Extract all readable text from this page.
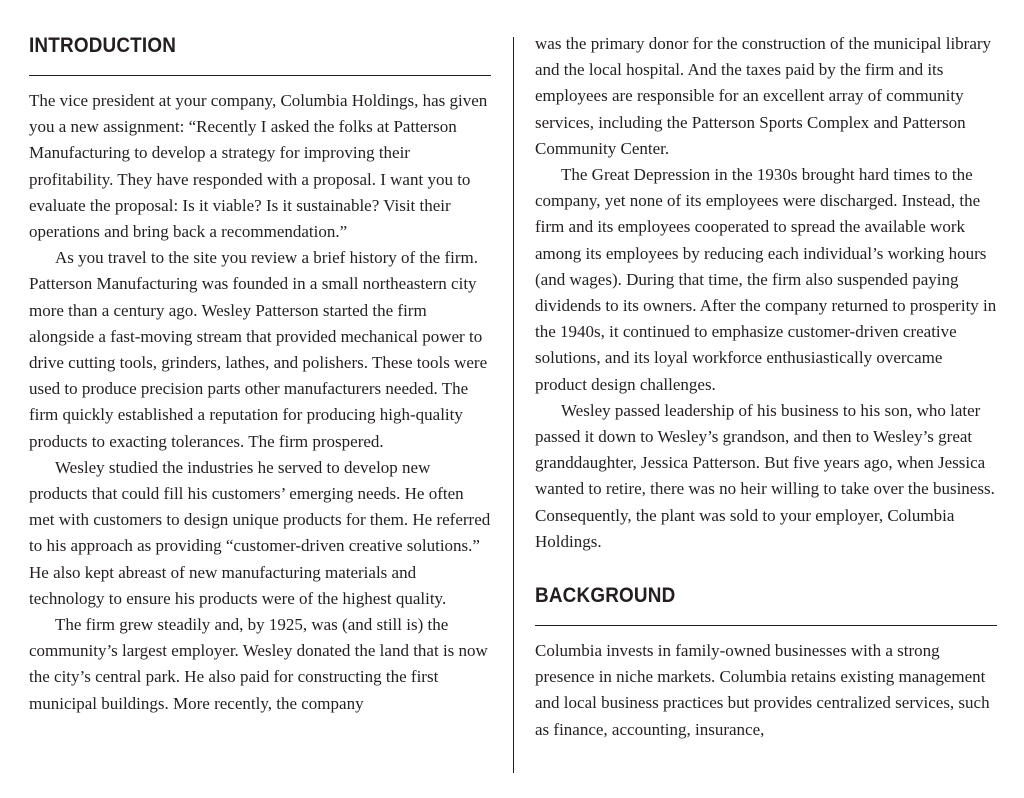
INTRODUCTION

The vice president at your company, Columbia Holdings, has given you a new assignment: “Recently I asked the folks at Patterson Manufacturing to develop a strategy for improving their profitability. They have responded with a proposal. I want you to evaluate the proposal: Is it viable? Is it sustainable? Visit their operations and bring back a recommendation.”

As you travel to the site you review a brief history of the firm. Patterson Manufacturing was founded in a small northeastern city more than a century ago. Wesley Patterson started the firm alongside a fast-moving stream that provided mechanical power to drive cutting tools, grinders, lathes, and polishers. These tools were used to produce precision parts other manufacturers needed. The firm quickly established a reputation for producing high-quality products to exacting tolerances. The firm prospered.

Wesley studied the industries he served to develop new products that could fill his customers’ emerging needs. He often met with customers to design unique products for them. He referred to his approach as providing “customer-driven creative solutions.” He also kept abreast of new manufacturing materials and technology to ensure his products were of the highest quality.

The firm grew steadily and, by 1925, was (and still is) the community’s largest employer. Wesley donated the land that is now the city’s central park. He also paid for constructing the first municipal buildings. More recently, the company

was the primary donor for the construction of the municipal library and the local hospital. And the taxes paid by the firm and its employees are responsible for an excellent array of community services, including the Patterson Sports Complex and Patterson Community Center.

The Great Depression in the 1930s brought hard times to the company, yet none of its employees were discharged. Instead, the firm and its employees cooperated to spread the available work among its employees by reducing each individual’s working hours (and wages). During that time, the firm also suspended paying dividends to its owners. After the company returned to prosperity in the 1940s, it continued to emphasize customer-driven creative solutions, and its loyal workforce enthusiastically overcame product design challenges.

Wesley passed leadership of his business to his son, who later passed it down to Wesley’s grandson, and then to Wesley’s great granddaughter, Jessica Patterson. But five years ago, when Jessica wanted to retire, there was no heir willing to take over the business. Consequently, the plant was sold to your employer, Columbia Holdings.

BACKGROUND

Columbia invests in family-owned businesses with a strong presence in niche markets. Columbia retains existing management and local business practices but provides centralized services, such as finance, accounting, insurance,
